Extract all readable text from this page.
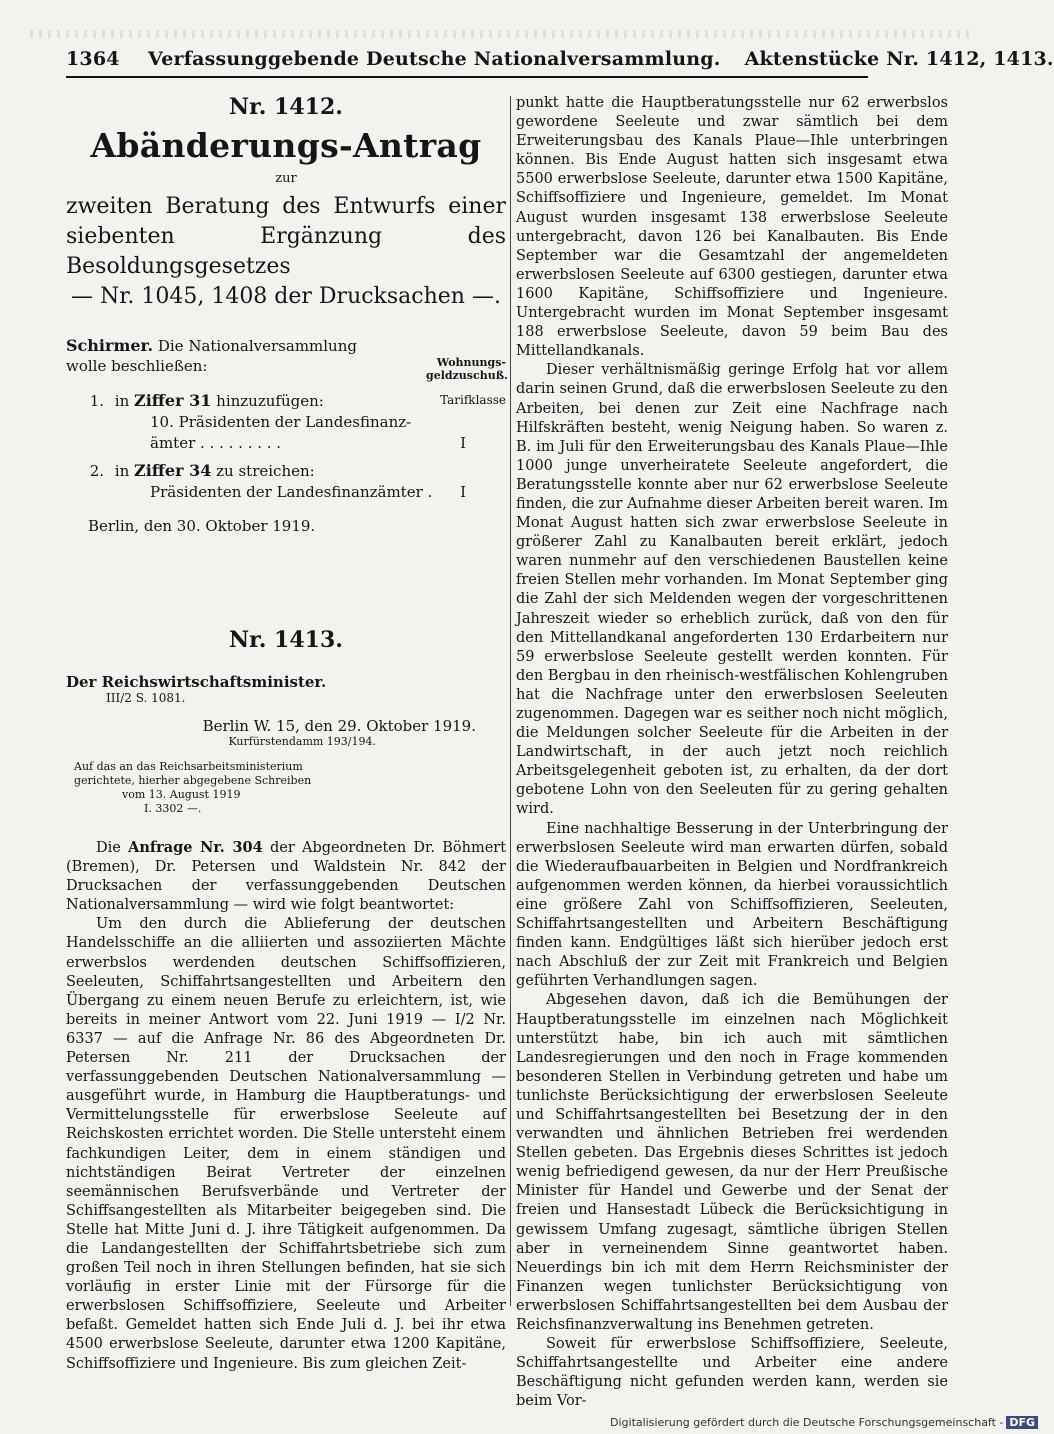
1364 Verfassunggebende Deutsche Nationalversammlung. Aktenstücke Nr. 1412, 1413.
Nr. 1412.
Abänderungs-Antrag
zur
zweiten Beratung des Entwurfs einer siebenten Ergänzung des Besoldungsgesetzes
— Nr. 1045, 1408 der Drucksachen —.
Schirmer. Die Nationalversammlung wolle beschließen:	Wohnungs- geldzuschuß.
1. in Ziffer 31 hinzuzufügen:	Tarifklasse
10. Präsidenten der Landesfinanz-
ämter . . . . . . . . .	I
2. in Ziffer 34 zu streichen:
Präsidenten der Landesfinanzämter . I
Berlin, den 30. Oktober 1919.
Nr. 1413.
Der Reichswirtschaftsminister.
III/2 S. 1081.
Berlin W. 15, den 29. Oktober 1919.
Kurfürstendamm 193/194.
Auf das an das Reichsarbeitsministerium
gerichtete, hierher abgegebene Schreiben
vom 13. August 1919
I. 3302 —.

Die Anfrage Nr. 304 der Abgeordneten Dr. Böhmert (Bremen), Dr. Petersen und Waldstein Nr. 842 der Drucksachen der verfassunggebenden Deutschen Nationalversammlung — wird wie folgt beantwortet:

Um den durch die Ablieferung der deutschen Handelsschiffe an die alliierten und assoziierten Mächte erwerbslos werdenden deutschen Schiffsoffizieren, Seeleuten, Schiffahrtsangestellten und Arbeitern den Übergang zu einem neuen Berufe zu erleichtern, ist, wie bereits in meiner Antwort vom 22. Juni 1919 — I/2 Nr. 6337 — auf die Anfrage Nr. 86 des Abgeordneten Dr. Petersen Nr. 211 der Drucksachen der verfassunggebenden Deutschen Nationalversammlung — ausgeführt wurde, in Hamburg die Hauptberatungs- und Vermittelungsstelle für erwerbslose Seeleute auf Reichskosten errichtet worden. Die Stelle untersteht einem fachkundigen Leiter, dem in einem ständigen und nichtständigen Beirat Vertreter der einzelnen seemännischen Berufsverbände und Vertreter der Schiffsangestellten als Mitarbeiter beigegeben sind. Die Stelle hat Mitte Juni d. J. ihre Tätigkeit aufgenommen. Da die Landangestellten der Schiffahrtsbetriebe sich zum großen Teil noch in ihren Stellungen befinden, hat sie sich vorläufig in erster Linie mit der Fürsorge für die erwerbslosen Schiffsoffiziere, Seeleute und Arbeiter befaßt. Gemeldet hatten sich Ende Juli d. J. bei ihr etwa 4500 erwerbslose Seeleute, darunter etwa 1200 Kapitäne, Schiffsoffiziere und Ingenieure. Bis zum gleichen Zeit-

punkt hatte die Hauptberatungsstelle nur 62 erwerbslos gewordene Seeleute und zwar sämtlich bei dem Erweiterungsbau des Kanals Plaue—Ihle unterbringen können. Bis Ende August hatten sich insgesamt etwa 5500 erwerbslose Seeleute, darunter etwa 1500 Kapitäne, Schiffsoffiziere und Ingenieure, gemeldet. Im Monat August wurden insgesamt 138 erwerbslose Seeleute untergebracht, davon 126 bei Kanalbauten. Bis Ende September war die Gesamtzahl der angemeldeten erwerbslosen Seeleute auf 6300 gestiegen, darunter etwa 1600 Kapitäne, Schiffsoffiziere und Ingenieure. Untergebracht wurden im Monat September insgesamt 188 erwerbslose Seeleute, davon 59 beim Bau des Mittellandkanals.

Dieser verhältnismäßig geringe Erfolg hat vor allem darin seinen Grund, daß die erwerbslosen Seeleute zu den Arbeiten, bei denen zur Zeit eine Nachfrage nach Hilfskräften besteht, wenig Neigung haben. So waren z. B. im Juli für den Erweiterungsbau des Kanals Plaue—Ihle 1000 junge unverheiratete Seeleute angefordert, die Beratungsstelle konnte aber nur 62 erwerbslose Seeleute finden, die zur Aufnahme dieser Arbeiten bereit waren. Im Monat August hatten sich zwar erwerbslose Seeleute in größerer Zahl zu Kanalbauten bereit erklärt, jedoch waren nunmehr auf den verschiedenen Baustellen keine freien Stellen mehr vorhanden. Im Monat September ging die Zahl der sich Meldenden wegen der vorgeschrittenen Jahreszeit wieder so erheblich zurück, daß von den für den Mittellandkanal angeforderten 130 Erdarbeitern nur 59 erwerbslose Seeleute gestellt werden konnten. Für den Bergbau in den rheinisch-westfälischen Kohlengruben hat die Nachfrage unter den erwerbslosen Seeleuten zugenommen. Dagegen war es seither noch nicht möglich, die Meldungen solcher Seeleute für die Arbeiten in der Landwirtschaft, in der auch jetzt noch reichlich Arbeitsgelegenheit geboten ist, zu erhalten, da der dort gebotene Lohn von den Seeleuten für zu gering gehalten wird.

Eine nachhaltige Besserung in der Unterbringung der erwerbslosen Seeleute wird man erwarten dürfen, sobald die Wiederaufbauarbeiten in Belgien und Nordfrankreich aufgenommen werden können, da hierbei voraussichtlich eine größere Zahl von Schiffsoffizieren, Seeleuten, Schiffahrtsangestellten und Arbeitern Beschäftigung finden kann. Endgültiges läßt sich hierüber jedoch erst nach Abschluß der zur Zeit mit Frankreich und Belgien geführten Verhandlungen sagen.

Abgesehen davon, daß ich die Bemühungen der Hauptberatungsstelle im einzelnen nach Möglichkeit unterstützt habe, bin ich auch mit sämtlichen Landesregierungen und den noch in Frage kommenden besonderen Stellen in Verbindung getreten und habe um tunlichste Berücksichtigung der erwerbslosen Seeleute und Schiffahrtsangestellten bei Besetzung der in den verwandten und ähnlichen Betrieben frei werdenden Stellen gebeten. Das Ergebnis dieses Schrittes ist jedoch wenig befriedigend gewesen, da nur der Herr Preußische Minister für Handel und Gewerbe und der Senat der freien und Hansestadt Lübeck die Berücksichtigung in gewissem Umfang zugesagt, sämtliche übrigen Stellen aber in verneinendem Sinne geantwortet haben. Neuerdings bin ich mit dem Herrn Reichsminister der Finanzen wegen tunlichster Berücksichtigung von erwerbslosen Schiffahrtsangestellten bei dem Ausbau der Reichsfinanzverwaltung ins Benehmen getreten.

Soweit für erwerbslose Schiffsoffiziere, Seeleute, Schiffahrtsangestellte und Arbeiter eine andere Beschäftigung nicht gefunden werden kann, werden sie beim Vor-

Digitalisierung gefördert durch die Deutsche Forschungsgemeinschaft - DFG
